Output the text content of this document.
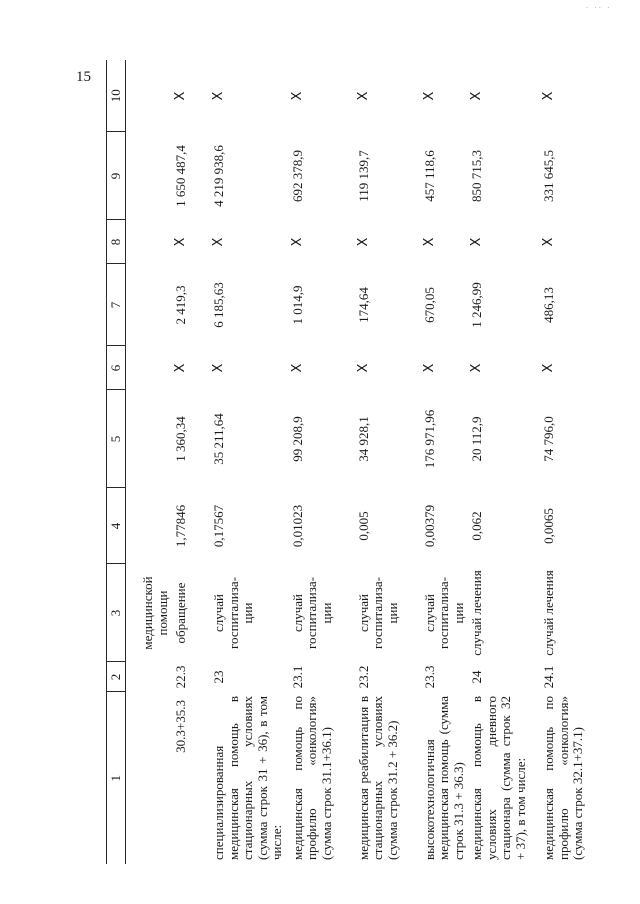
15
. .. .
1	2	3	4	5	6	7	8	9	10
		медицинской помощи							

30.3+35.3	22.3	обращение	1,77846	1 360,34	Х	2 419,3	Х	1 650 487,4	Х
специализированная медицинская помощь в стационарных условиях (сумма строк 31 + 36), в том числе:	23	случай госпитализа-ции	0,17567	35 211,64	Х	6 185,63	Х	4 219 938,6	Х
медицинская помощь по профилю «онкология» (сумма строк 31.1+36.1)	23.1	случай госпитализа-ции	0,01023	99 208,9	Х	1 014,9	Х	692 378,9	Х
медицинская реабилитация в стационарных условиях (сумма строк 31.2 + 36.2)	23.2	случай госпитализа-ции	0,005	34 928,1	Х	174,64	Х	119 139,7	Х
высокотехнологичная медицинская помощь (сумма строк 31.3 + 36.3)	23.3	случай госпитализа-ции	0,00379	176 971,96	Х	670,05	Х	457 118,6	Х
медицинская помощь в условиях дневного стационара (сумма строк 32 + 37), в том числе:	24	случай лечения	0,062	20 112,9	Х	1 246,99	Х	850 715,3	Х
медицинская помощь по профилю «онкология» (сумма строк 32.1+37.1)	24.1	случай лечения	0,0065	74 796,0	Х	486,13	Х	331 645,5	Х
